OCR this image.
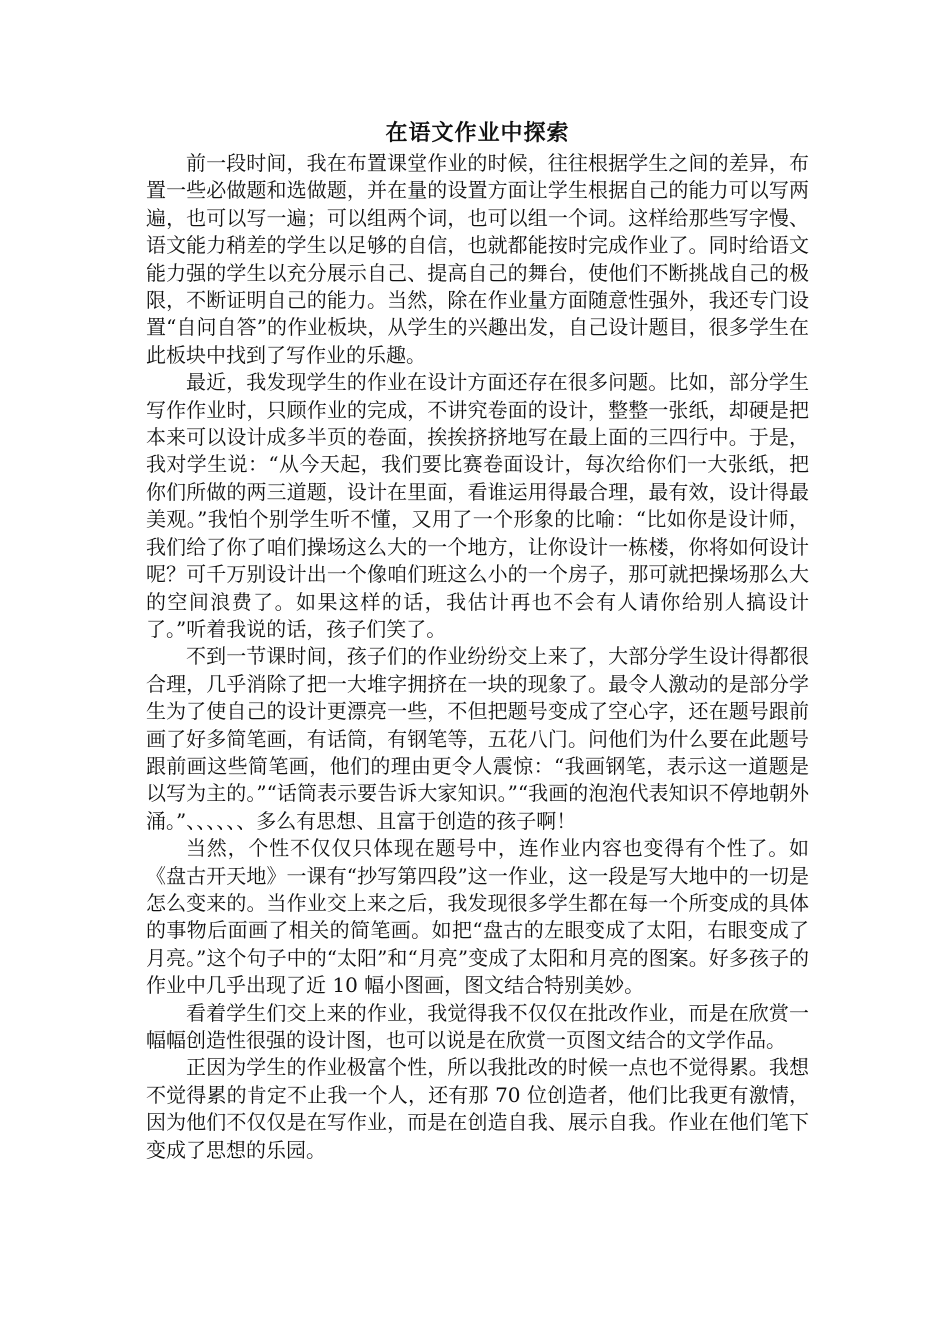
在语文作业中探索

前一段时间，我在布置课堂作业的时候，往往根据学生之间的差异，布置一些必做题和选做题，并在量的设置方面让学生根据自己的能力可以写两遍，也可以写一遍；可以组两个词，也可以组一个词。这样给那些写字慢、语文能力稍差的学生以足够的自信，也就都能按时完成作业了。同时给语文能力强的学生以充分展示自己、提高自己的舞台，使他们不断挑战自己的极限，不断证明自己的能力。当然，除在作业量方面随意性强外，我还专门设置“自问自答”的作业板块，从学生的兴趣出发，自己设计题目，很多学生在此板块中找到了写作业的乐趣。

最近，我发现学生的作业在设计方面还存在很多问题。比如，部分学生写作作业时，只顾作业的完成，不讲究卷面的设计，整整一张纸，却硬是把本来可以设计成多半页的卷面，挨挨挤挤地写在最上面的三四行中。于是，我对学生说：“从今天起，我们要比赛卷面设计，每次给你们一大张纸，把你们所做的两三道题，设计在里面，看谁运用得最合理，最有效，设计得最美观。”我怕个别学生听不懂，又用了一个形象的比喻：“比如你是设计师，我们给了你了咱们操场这么大的一个地方，让你设计一栋楼，你将如何设计呢？可千万别设计出一个像咱们班这么小的一个房子，那可就把操场那么大的空间浪费了。如果这样的话，我估计再也不会有人请你给别人搞设计了。”听着我说的话，孩子们笑了。

不到一节课时间，孩子们的作业纷纷交上来了，大部分学生设计得都很合理，几乎消除了把一大堆字拥挤在一块的现象了。最令人激动的是部分学生为了使自己的设计更漂亮一些，不但把题号变成了空心字，还在题号跟前画了好多简笔画，有话筒，有钢笔等，五花八门。问他们为什么要在此题号跟前画这些简笔画，他们的理由更令人震惊：“我画钢笔，表示这一道题是以写为主的。”“话筒表示要告诉大家知识。”“我画的泡泡代表知识不停地朝外涌。”、、、、、、多么有思想、且富于创造的孩子啊！

当然，个性不仅仅只体现在题号中，连作业内容也变得有个性了。如《盘古开天地》一课有“抄写第四段”这一作业，这一段是写大地中的一切是怎么变来的。当作业交上来之后，我发现很多学生都在每一个所变成的具体的事物后面画了相关的简笔画。如把“盘古的左眼变成了太阳，右眼变成了月亮。”这个句子中的“太阳”和“月亮”变成了太阳和月亮的图案。好多孩子的作业中几乎出现了近 10 幅小图画，图文结合特别美妙。

看着学生们交上来的作业，我觉得我不仅仅在批改作业，而是在欣赏一幅幅创造性很强的设计图，也可以说是在欣赏一页图文结合的文学作品。

正因为学生的作业极富个性，所以我批改的时候一点也不觉得累。我想不觉得累的肯定不止我一个人，还有那 70 位创造者，他们比我更有激情，因为他们不仅仅是在写作业，而是在创造自我、展示自我。作业在他们笔下变成了思想的乐园。
